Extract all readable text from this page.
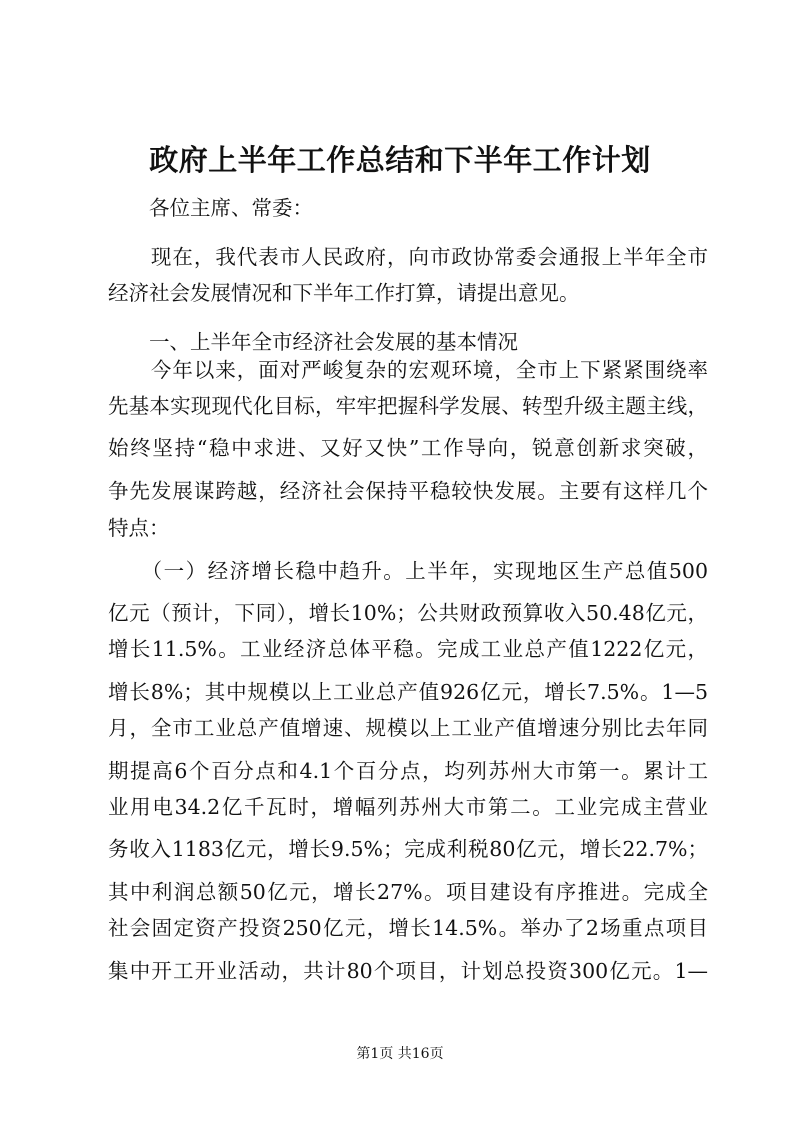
政府上半年工作总结和下半年工作计划
　　各位主席、常委：
　　现在，我代表市人民政府，向市政协常委会通报上半年全市
经济社会发展情况和下半年工作打算，请提出意见。
　　一、上半年全市经济社会发展的基本情况
　　今年以来，面对严峻复杂的宏观环境，全市上下紧紧围绕率
先基本实现现代化目标，牢牢把握科学发展、转型升级主题主线，
始终坚持“稳中求进、又好又快”工作导向，锐意创新求突破，
争先发展谋跨越，经济社会保持平稳较快发展。主要有这样几个
特点：
　　（一）经济增长稳中趋升。上半年，实现地区生产总值500
亿元（预计，下同），增长10%；公共财政预算收入50.48亿元，
增长11.5%。工业经济总体平稳。完成工业总产值1222亿元，
增长8%；其中规模以上工业总产值926亿元，增长7.5%。1—5
月，全市工业总产值增速、规模以上工业产值增速分别比去年同
期提高6个百分点和4.1个百分点，均列苏州大市第一。累计工
业用电34.2亿千瓦时，增幅列苏州大市第二。工业完成主营业
务收入1183亿元，增长9.5%；完成利税80亿元，增长22.7%；
其中利润总额50亿元，增长27%。项目建设有序推进。完成全
社会固定资产投资250亿元，增长14.5%。举办了2场重点项目
集中开工开业活动，共计80个项目，计划总投资300亿元。1—
第1页 共16页
